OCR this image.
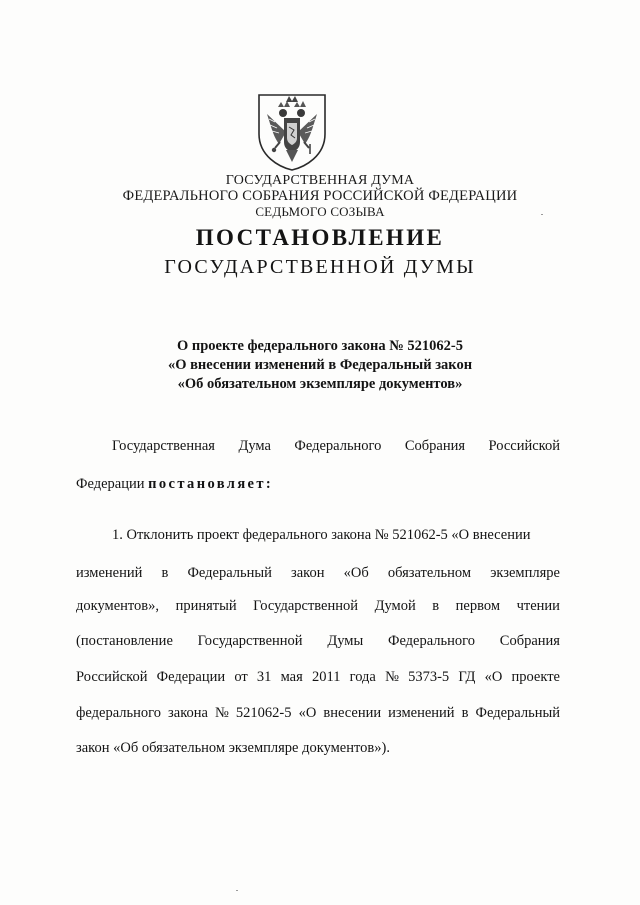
ГОСУДАРСТВЕННАЯ ДУМА
ФЕДЕРАЛЬНОГО СОБРАНИЯ РОССИЙСКОЙ ФЕДЕРАЦИИ
СЕДЬМОГО СОЗЫВА
ПОСТАНОВЛЕНИЕ
ГОСУДАРСТВЕННОЙ ДУМЫ
О проекте федерального закона № 521062-5
«О внесении изменений в Федеральный закон
«Об обязательном экземпляре документов»
Государственная Дума Федерального Собрания Российской
Федерации постановляет:
1. Отклонить проект федерального закона № 521062-5 «О внесении
изменений в Федеральный закон «Об обязательном экземпляре
документов», принятый Государственной Думой в первом чтении
(постановление Государственной Думы Федерального Собрания
Российской Федерации от 31 мая 2011 года № 5373-5 ГД «О проекте
федерального закона № 521062-5 «О внесении изменений в Федеральный
закон «Об обязательном экземпляре документов»).
